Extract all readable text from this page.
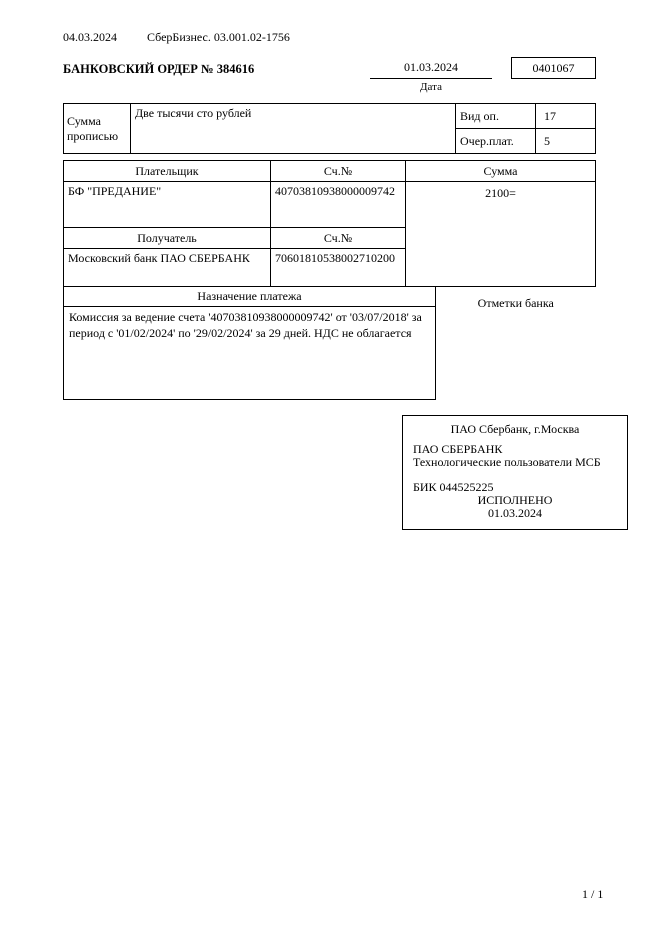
04.03.2024	СберБизнес. 03.001.02-1756
БАНКОВСКИЙ ОРДЕР № 384616	01.03.2024
Дата
0401067
Сумма прописью	Две тысячи сто рублей	Вид оп.	17
		Очер.плат.	5
Плательщик	Сч.№	Сумма
БФ "ПРЕДАНИЕ"	40703810938000009742	2100=
Получатель	Сч.№	
Московский банк ПАО СБЕРБАНК	70601810538002710200	
Назначение платежа	Отметки банка
Комиссия за ведение счета '40703810938000009742' от '03/07/2018' за период с '01/02/2024' по '29/02/2024' за 29 дней. НДС не облагается
ПАО Сбербанк, г.Москва
ПАО СБЕРБАНК
Технологические пользователи МСБ
БИК 044525225
ИСПОЛНЕНО
01.03.2024
1 / 1
